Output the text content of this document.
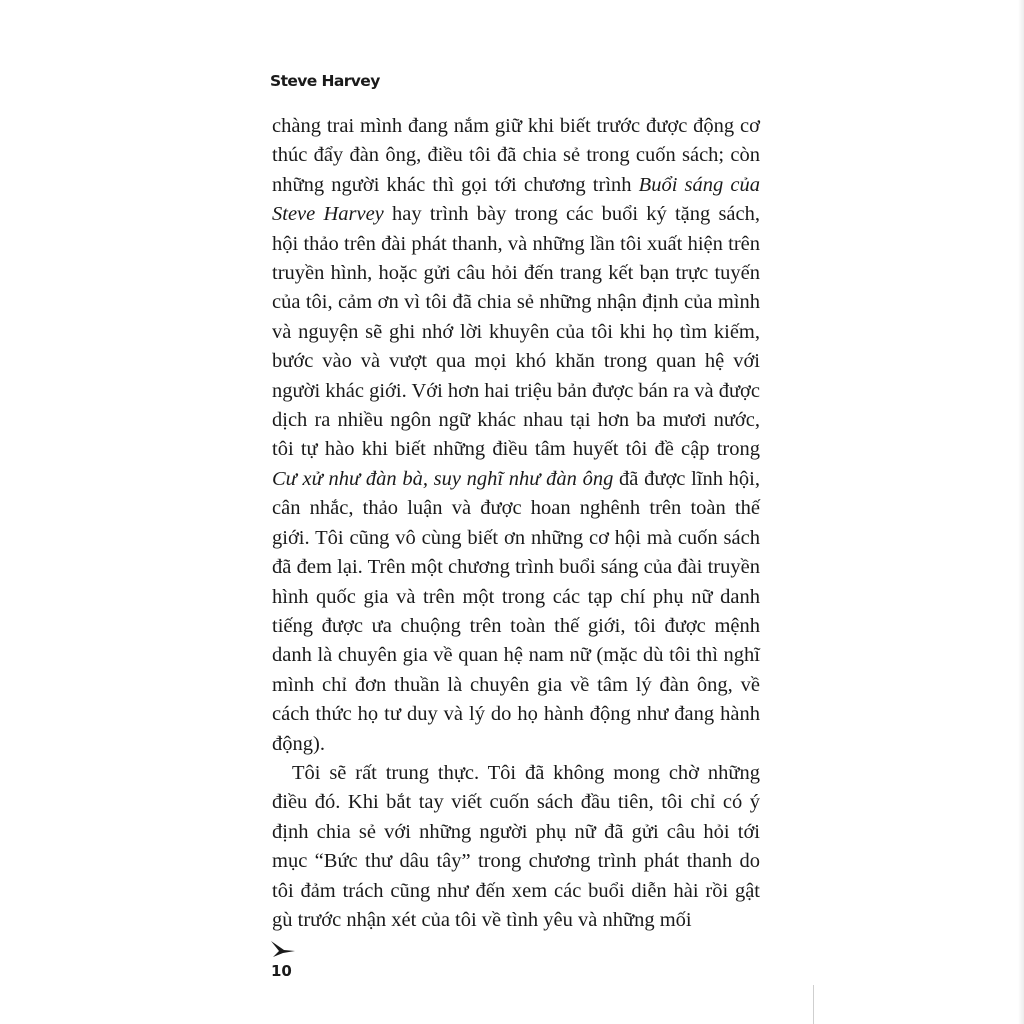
Steve Harvey

chàng trai mình đang nắm giữ khi biết trước được động cơ thúc đẩy đàn ông, điều tôi đã chia sẻ trong cuốn sách; còn những người khác thì gọi tới chương trình Buổi sáng của Steve Harvey hay trình bày trong các buổi ký tặng sách, hội thảo trên đài phát thanh, và những lần tôi xuất hiện trên truyền hình, hoặc gửi câu hỏi đến trang kết bạn trực tuyến của tôi, cảm ơn vì tôi đã chia sẻ những nhận định của mình và nguyện sẽ ghi nhớ lời khuyên của tôi khi họ tìm kiếm, bước vào và vượt qua mọi khó khăn trong quan hệ với người khác giới. Với hơn hai triệu bản được bán ra và được dịch ra nhiều ngôn ngữ khác nhau tại hơn ba mươi nước, tôi tự hào khi biết những điều tâm huyết tôi đề cập trong Cư xử như đàn bà, suy nghĩ như đàn ông đã được lĩnh hội, cân nhắc, thảo luận và được hoan nghênh trên toàn thế giới. Tôi cũng vô cùng biết ơn những cơ hội mà cuốn sách đã đem lại. Trên một chương trình buổi sáng của đài truyền hình quốc gia và trên một trong các tạp chí phụ nữ danh tiếng được ưa chuộng trên toàn thế giới, tôi được mệnh danh là chuyên gia về quan hệ nam nữ (mặc dù tôi thì nghĩ mình chỉ đơn thuần là chuyên gia về tâm lý đàn ông, về cách thức họ tư duy và lý do họ hành động như đang hành động).

Tôi sẽ rất trung thực. Tôi đã không mong chờ những điều đó. Khi bắt tay viết cuốn sách đầu tiên, tôi chỉ có ý định chia sẻ với những người phụ nữ đã gửi câu hỏi tới mục “Bức thư dâu tây” trong chương trình phát thanh do tôi đảm trách cũng như đến xem các buổi diễn hài rồi gật gù trước nhận xét của tôi về tình yêu và những mối

10
